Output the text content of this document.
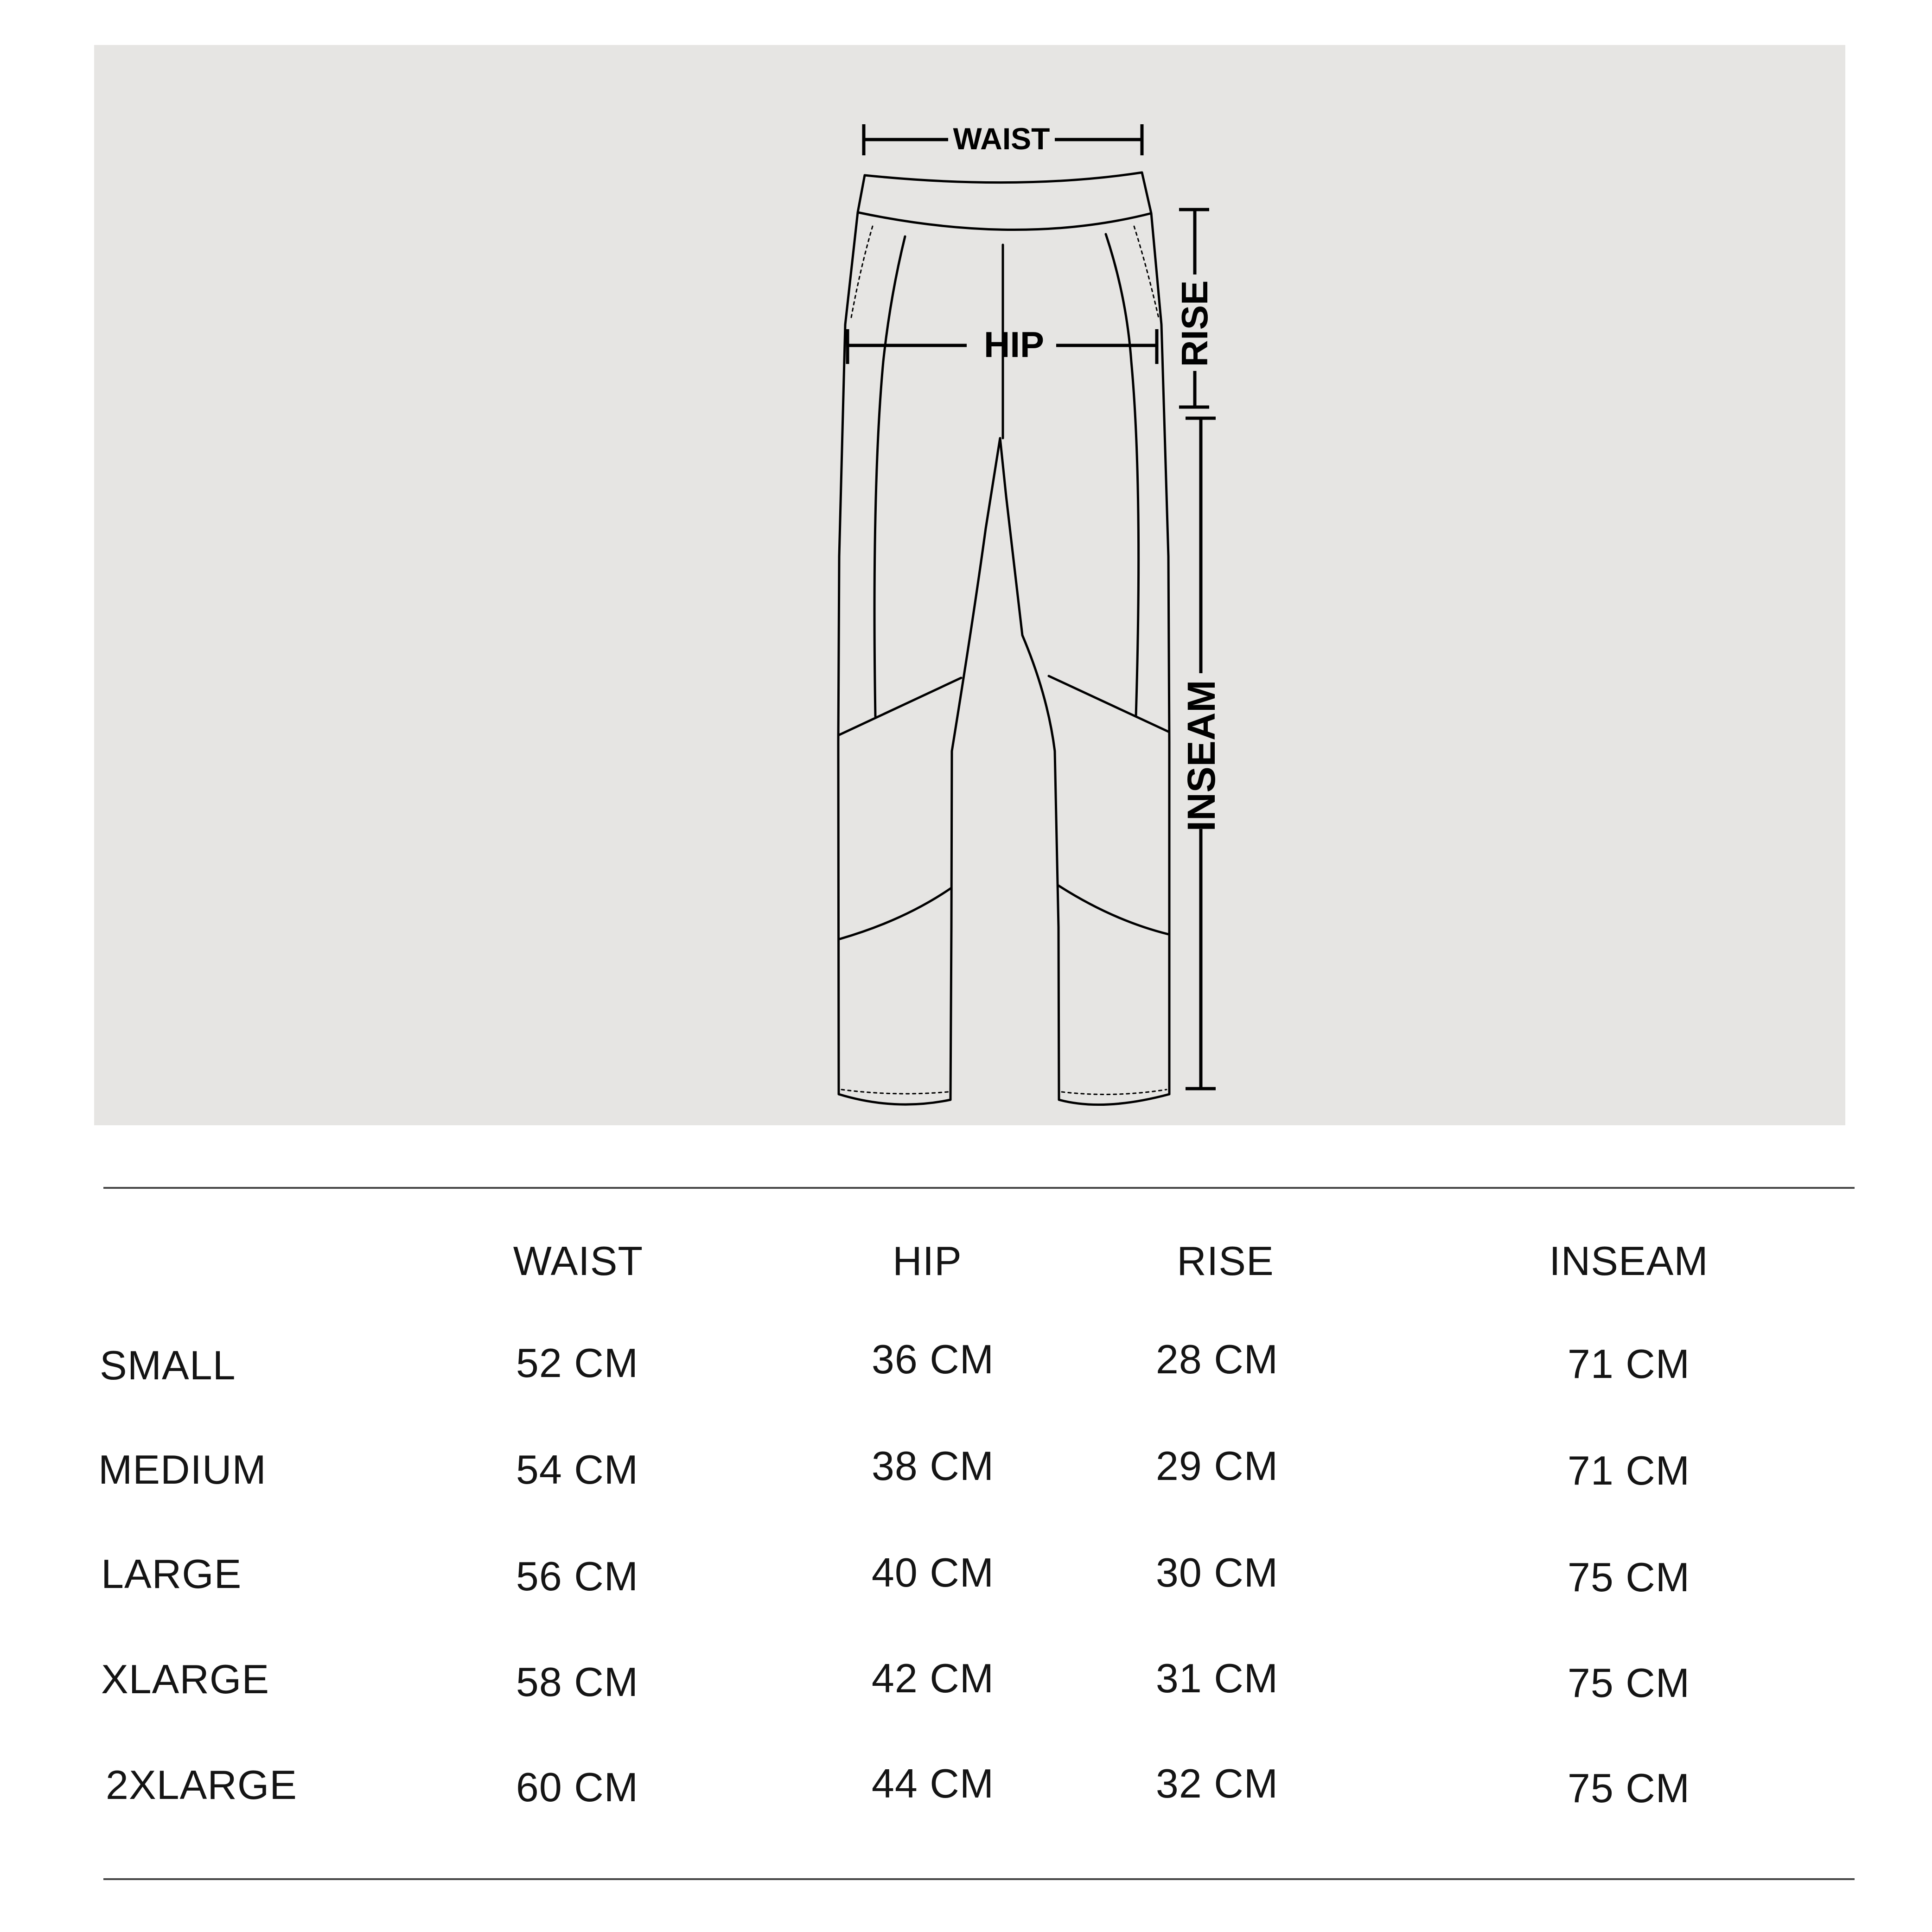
WAIST
HIP	RISE
INSEAM
WAIST	HIP	RISE	INSEAM
SMALL	52 CM	36 CM	28 CM	71 CM
MEDIUM	54 CM	38 CM	29 CM	71 CM
LARGE	56 CM	40 CM	30 CM	75 CM
XLARGE	58 CM	42 CM	31 CM	75 CM
2XLARGE	60 CM	44 CM	32 CM	75 CM
